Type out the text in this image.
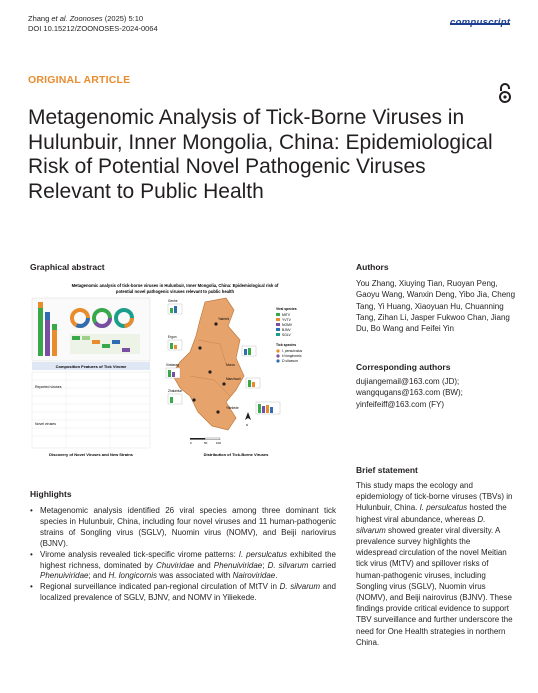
Zhang et al. Zoonoses (2025) 5:10
DOI 10.15212/ZOONOSES-2024-0064
ORIGINAL ARTICLE
Metagenomic Analysis of Tick-Borne Viruses in Hulunbuir, Inner Mongolia, China: Epidemiological Risk of Potential Novel Pathogenic Viruses Relevant to Public Health
Graphical abstract
Metagenomic analysis of tick-borne viruses in Hulunbuir, Inner Mongolia, China: Epidemiological risk of
potential novel pathogenic viruses relevant to public health
Composition Features of Tick Virome
Reported viruses
Novel viruses
Discovery of Novel Viruses and New Strains
Yakeshi
Genhe
Ergun
Manzhouli
Xinbarag
Yiliekede
Zhalantun
Moron
0	50	100
N
Viral species
MtTV
YVTV
NOMV
BJNV
SGLV
Tick species
I. persulcatus
H.longicornis
D.silvarum
Distribution of Tick-Borne Viruses
Highlights
• Metagenomic analysis identified 26 viral species among three dominant tick species in Hulunbuir, China, including four novel viruses and 11 human-pathogenic strains of Songling virus (SGLV), Nuomin virus (NOMV), and Beiji nariovirus (BJNV).
• Virome analysis revealed tick-specific virome patterns: I. persulcatus exhibited the highest richness, dominated by Chuviridae and Phenuiviridae; D. silvarum carried Phenuiviridae; and H. longicornis was associated with Nairoviridae.
• Regional surveillance indicated pan-regional circulation of MtTV in D. silvarum and localized prevalence of SGLV, BJNV, and NOMV in Yiliekede.
Authors
You Zhang, Xiuying Tian, Ruoyan Peng, Gaoyu Wang, Wanxin Deng, Yibo Jia, Cheng Tang, Yi Huang, Xiaoyuan Hu, Chuanning Tang, Zihan Li, Jasper Fukwoo Chan, Jiang Du, Bo Wang and Feifei Yin
Corresponding authors
dujiangemail@163.com (JD);
wangqugans@163.com (BW);
yinfeifeiff@163.com (FY)
Brief statement
This study maps the ecology and epidemiology of tick-borne viruses (TBVs) in Hulunbuir, China. I. persulcatus hosted the highest viral abundance, whereas D. silvarum showed greater viral diversity. A prevalence survey highlights the widespread circulation of the novel Meitian tick virus (MtTV) and spillover risks of human-pathogenic viruses, including Songling virus (SGLV), Nuomin virus (NOMV), and Beiji nairovirus (BJNV). These findings provide critical evidence to support TBV surveillance and further underscore the need for One Health strategies in northern China.
